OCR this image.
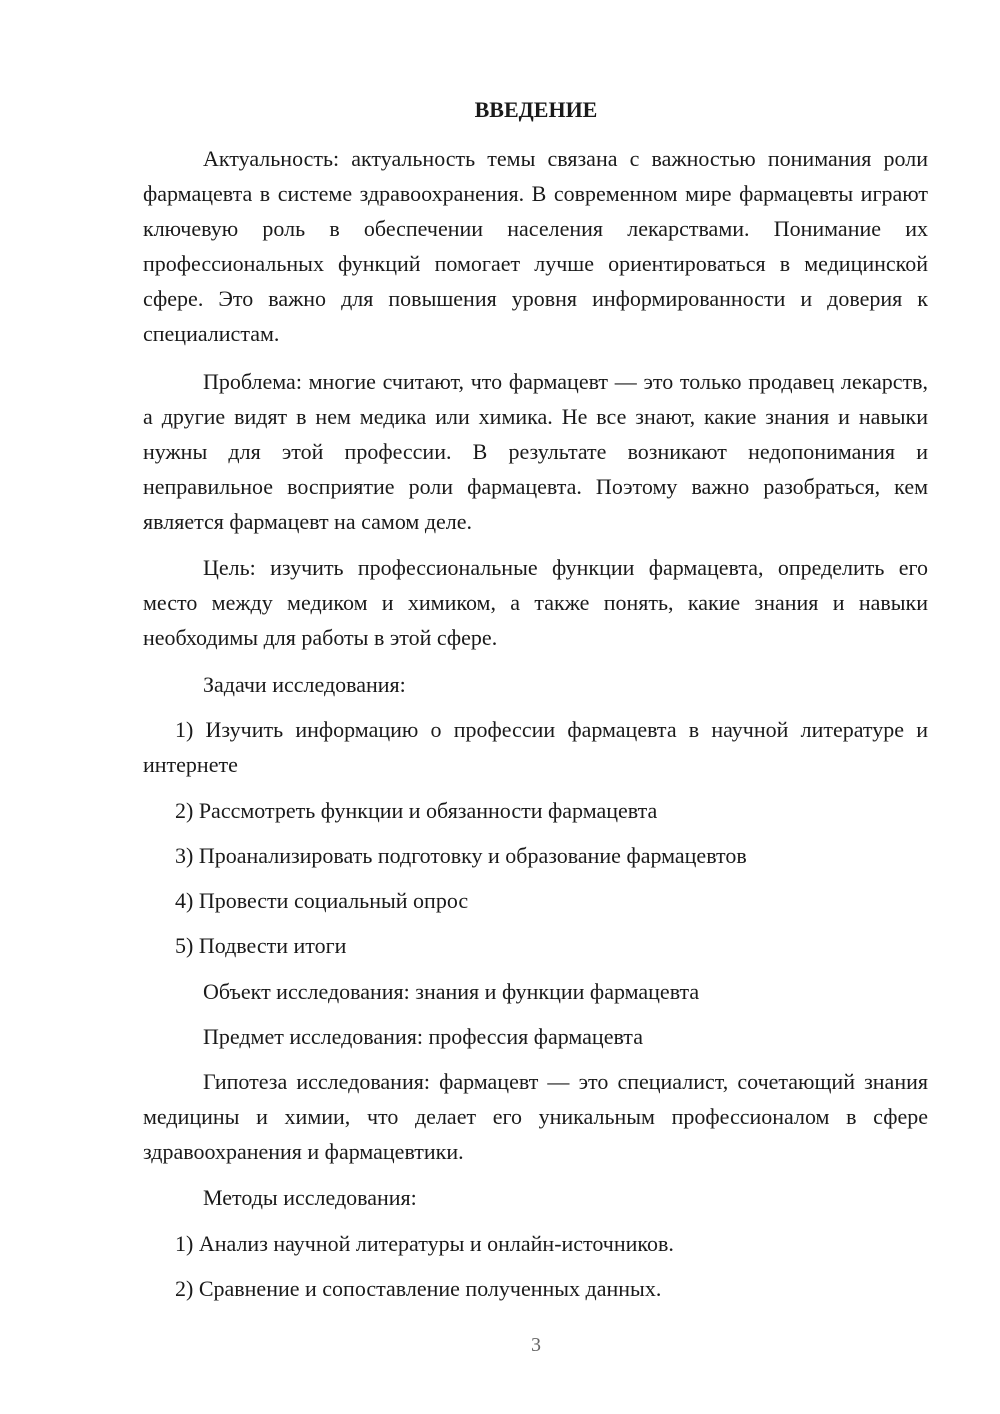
ВВЕДЕНИЕ

Актуальность: актуальность темы связана с важностью понимания роли фармацевта в системе здравоохранения. В современном мире фармацевты играют ключевую роль в обеспечении населения лекарствами. Понимание их профессиональных функций помогает лучше ориентироваться в медицинской сфере. Это важно для повышения уровня информированности и доверия к специалистам.

Проблема: многие считают, что фармацевт — это только продавец лекарств, а другие видят в нем медика или химика. Не все знают, какие знания и навыки нужны для этой профессии. В результате возникают недопонимания и неправильное восприятие роли фармацевта. Поэтому важно разобраться, кем является фармацевт на самом деле.

Цель: изучить профессиональные функции фармацевта, определить его место между медиком и химиком, а также понять, какие знания и навыки необходимы для работы в этой сфере.

Задачи исследования:

1) Изучить информацию о профессии фармацевта в научной литературе и интернете

2) Рассмотреть функции и обязанности фармацевта

3) Проанализировать подготовку и образование фармацевтов

4) Провести социальный опрос

5) Подвести итоги

Объект исследования: знания и функции фармацевта

Предмет исследования: профессия фармацевта

Гипотеза исследования: фармацевт — это специалист, сочетающий знания медицины и химии, что делает его уникальным профессионалом в сфере здравоохранения и фармацевтики.

Методы исследования:

1) Анализ научной литературы и онлайн-источников.

2) Сравнение и сопоставление полученных данных.

3
